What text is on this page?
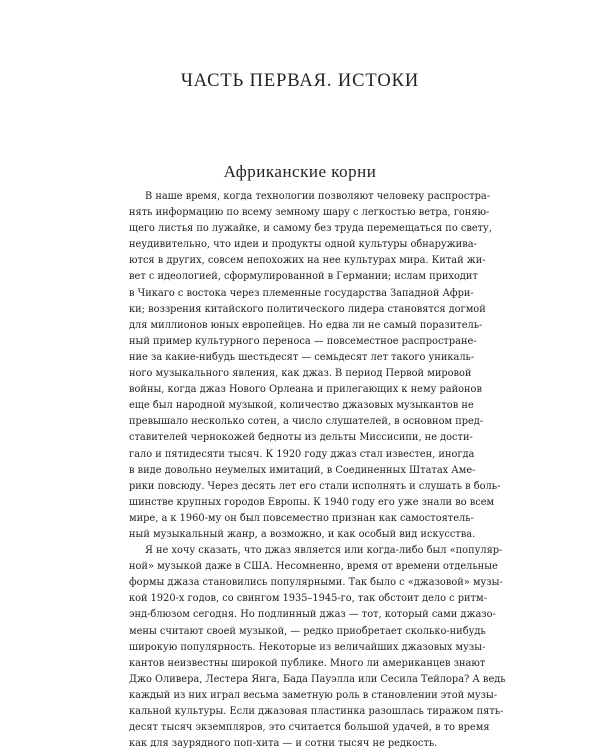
ЧАСТЬ ПЕРВАЯ. ИСТОКИ
Африканские корни
В наше время, когда технологии позволяют человеку распростра-
нять информацию по всему земному шару с легкостью ветра, гоняю-
щего листья по лужайке, и самому без труда перемещаться по свету,
неудивительно, что идеи и продукты одной культуры обнаружива-
ются в других, совсем непохожих на нее культурах мира. Китай жи-
вет с идеологией, сформулированной в Германии; ислам приходит
в Чикаго с востока через племенные государства Западной Афри-
ки; воззрения китайского политического лидера становятся догмой
для миллионов юных европейцев. Но едва ли не самый поразитель-
ный пример культурного переноса — повсеместное распростране-
ние за какие-нибудь шестьдесят — семьдесят лет такого уникаль-
ного музыкального явления, как джаз. В период Первой мировой
войны, когда джаз Нового Орлеана и прилегающих к нему районов
еще был народной музыкой, количество джазовых музыкантов не
превышало несколько сотен, а число слушателей, в основном пред-
ставителей чернокожей бедноты из дельты Миссисипи, не дости-
гало и пятидесяти тысяч. К 1920 году джаз стал известен, иногда
в виде довольно неумелых имитаций, в Соединенных Штатах Аме-
рики повсюду. Через десять лет его стали исполнять и слушать в боль-
шинстве крупных городов Европы. К 1940 году его уже знали во всем
мире, а к 1960-му он был повсеместно признан как самостоятель-
ный музыкальный жанр, а возможно, и как особый вид искусства.
Я не хочу сказать, что джаз является или когда-либо был «популяр-
ной» музыкой даже в США. Несомненно, время от времени отдельные
формы джаза становились популярными. Так было с «джазовой» музы-
кой 1920-х годов, со свингом 1935–1945-го, так обстоит дело с ритм-
энд-блюзом сегодня. Но подлинный джаз — тот, который сами джазо-
мены считают своей музыкой, — редко приобретает сколько-нибудь
широкую популярность. Некоторые из величайших джазовых музы-
кантов неизвестны широкой публике. Много ли американцев знают
Джо Оливера, Лестера Янга, Бада Пауэлла или Сесила Тейлора? А ведь
каждый из них играл весьма заметную роль в становлении этой музы-
кальной культуры. Если джазовая пластинка разошлась тиражом пять-
десят тысяч экземпляров, это считается большой удачей, в то время
как для заурядного поп-хита — и сотни тысяч не редкость.
